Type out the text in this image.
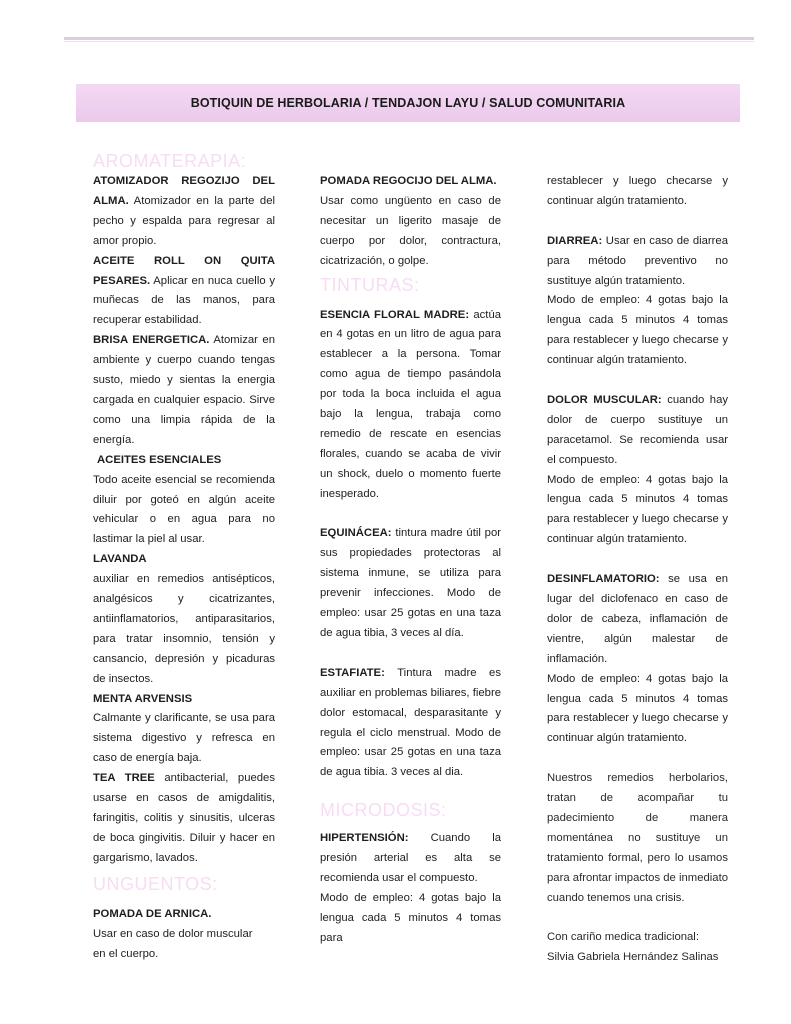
BOTIQUIN DE HERBOLARIA / TENDAJON LAYU / SALUD COMUNITARIA

AROMATERAPIA:

ATOMIZADOR REGOZIJO DEL ALMA. Atomizador en la parte del pecho y espalda para regresar al amor propio.

ACEITE ROLL ON QUITA PESARES. Aplicar en nuca cuello y muñecas de las manos, para recuperar estabilidad.

BRISA ENERGETICA. Atomizar en ambiente y cuerpo cuando tengas susto, miedo y sientas la energia cargada en cualquier espacio. Sirve como una limpia rápida de la energía.

ACEITES ESENCIALES
Todo aceite esencial se recomienda diluir por goteó en algún aceite vehicular o en agua para no lastimar la piel al usar.

LAVANDA
auxiliar en remedios antisépticos, analgésicos y cicatrizantes, antiinflamatorios, antiparasitarios, para tratar insomnio, tensión y cansancio, depresión y picaduras de insectos.

MENTA ARVENSIS
Calmante y clarificante, se usa para sistema digestivo y refresca en caso de energía baja.

TEA TREE antibacterial, puedes usarse en casos de amigdalitis, faringitis, colitis y sinusitis, ulceras de boca gingivitis. Diluir y hacer en gargarismo, lavados.

UNGUENTOS:

POMADA DE ARNICA.
Usar en caso de dolor muscular
en el cuerpo.

POMADA REGOCIJO DEL ALMA.
Usar como ungüento en caso de necesitar un ligerito masaje de cuerpo por dolor, contractura, cicatrización, o golpe.

TINTURAS:

ESENCIA FLORAL MADRE: actúa en 4 gotas en un litro de agua para establecer a la persona. Tomar como agua de tiempo pasándola por toda la boca incluida el agua bajo la lengua, trabaja como remedio de rescate en esencias florales, cuando se acaba de vivir un shock, duelo o momento fuerte inesperado.

EQUINÁCEA: tintura madre útil por sus propiedades protectoras al sistema inmune, se utiliza para prevenir infecciones. Modo de empleo: usar 25 gotas en una taza de agua tibia, 3 veces al día.

ESTAFIATE: Tintura madre es auxiliar en problemas biliares, fiebre dolor estomacal, desparasitante y regula el ciclo menstrual. Modo de empleo: usar 25 gotas en una taza de agua tibia. 3 veces al dia.

MICRODOSIS:

HIPERTENSIÓN: Cuando la presión arterial es alta se recomienda usar el compuesto.

Modo de empleo: 4 gotas bajo la lengua cada 5 minutos 4 tomas para

restablecer y luego checarse y continuar algún tratamiento.

DIARREA: Usar en caso de diarrea para método preventivo no sustituye algún tratamiento.

Modo de empleo: 4 gotas bajo la lengua cada 5 minutos 4 tomas para restablecer y luego checarse y continuar algún tratamiento.

DOLOR MUSCULAR: cuando hay dolor de cuerpo sustituye un paracetamol. Se recomienda usar el compuesto.

Modo de empleo: 4 gotas bajo la lengua cada 5 minutos 4 tomas para restablecer y luego checarse y continuar algún tratamiento.

DESINFLAMATORIO: se usa en lugar del diclofenaco en caso de dolor de cabeza, inflamación de vientre, algún malestar de inflamación.

Modo de empleo: 4 gotas bajo la lengua cada 5 minutos 4 tomas para restablecer y luego checarse y continuar algún tratamiento.

Nuestros remedios herbolarios, tratan de acompañar tu padecimiento de manera momentánea no sustituye un tratamiento formal, pero lo usamos para afrontar impactos de inmediato cuando tenemos una crisis.

Con cariño medica tradicional:

Silvia Gabriela Hernández Salinas
